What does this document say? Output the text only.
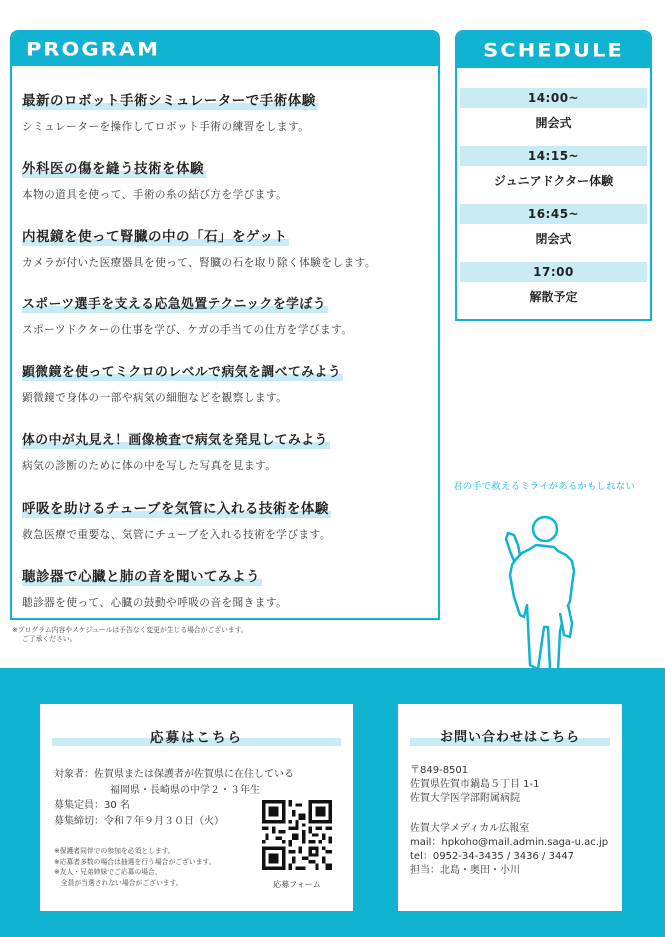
PROGRAM
最新のロボット手術シミュレーターで手術体験
シミュレーターを操作してロボット手術の練習をします。
外科医の傷を縫う技術を体験
本物の道具を使って、手術の糸の結び方を学びます。
内視鏡を使って腎臓の中の「石」をゲット
カメラが付いた医療器具を使って、腎臓の石を取り除く体験をします。
スポーツ選手を支える応急処置テクニックを学ぼう
スポーツドクターの仕事を学び、ケガの手当ての仕方を学びます。
顕微鏡を使ってミクロのレベルで病気を調べてみよう
顕微鏡で身体の一部や病気の細胞などを観察します。
体の中が丸見え！画像検査で病気を発見してみよう
病気の診断のために体の中を写した写真を見ます。
呼吸を助けるチューブを気管に入れる技術を体験
救急医療で重要な、気管にチューブを入れる技術を学びます。
聴診器で心臓と肺の音を聞いてみよう
聴診器を使って、心臓の鼓動や呼吸の音を聞きます。
※プログラム内容やスケジュールは予告なく変更が生じる場合がございます。
ご了承ください。
SCHEDULE
14:00~
開会式
14:15~
ジュニアドクター体験
16:45~
閉会式
17:00
解散予定
君の手で救えるミライがあるかもしれない
応募はこちら
対象者：佐賀県または保護者が佐賀県に在住している
福岡県・長崎県の中学２・３年生
募集定員：30 名
募集締切：令和７年９月３０日（火）
※保護者同伴での参加を必須とします。
※応募者多数の場合は抽選を行う場合がございます。
※友人・兄弟姉妹でご応募の場合、
　全員が当選されない場合がございます。	応募フォーム
お問い合わせはこちら
〒849-8501
佐賀県佐賀市鍋島５丁目 1-1
佐賀大学医学部附属病院
佐賀大学メディカル広報室
mail：hpkoho@mail.admin.saga-u.ac.jp
tel：0952-34-3435 / 3436 / 3447
担当：北島・奥田・小川
